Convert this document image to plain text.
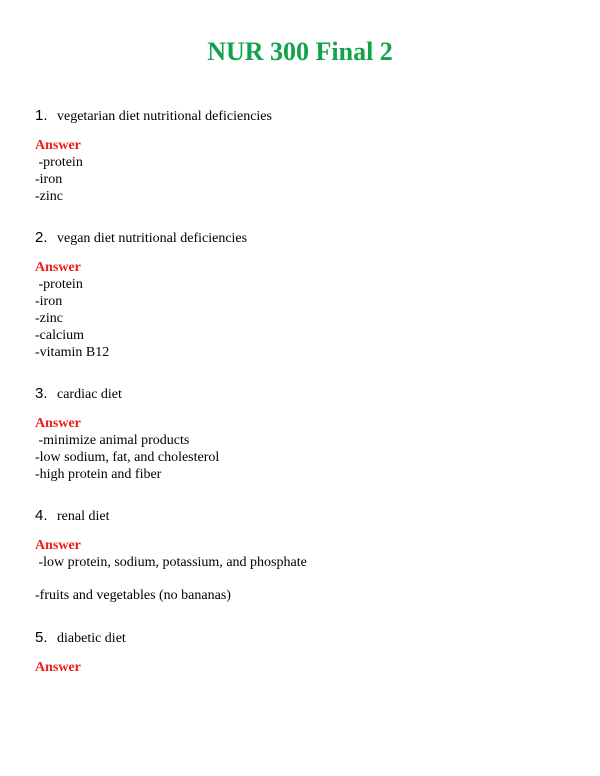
NUR 300 Final 2
1. vegetarian diet nutritional deficiencies
Answer
-protein
-iron
-zinc
2. vegan diet nutritional deficiencies
Answer
-protein
-iron
-zinc
-calcium
-vitamin B12
3. cardiac diet
Answer
-minimize animal products
-low sodium, fat, and cholesterol
-high protein and fiber
4. renal diet
Answer
-low protein, sodium, potassium, and phosphate
-fruits and vegetables (no bananas)
5. diabetic diet
Answer
